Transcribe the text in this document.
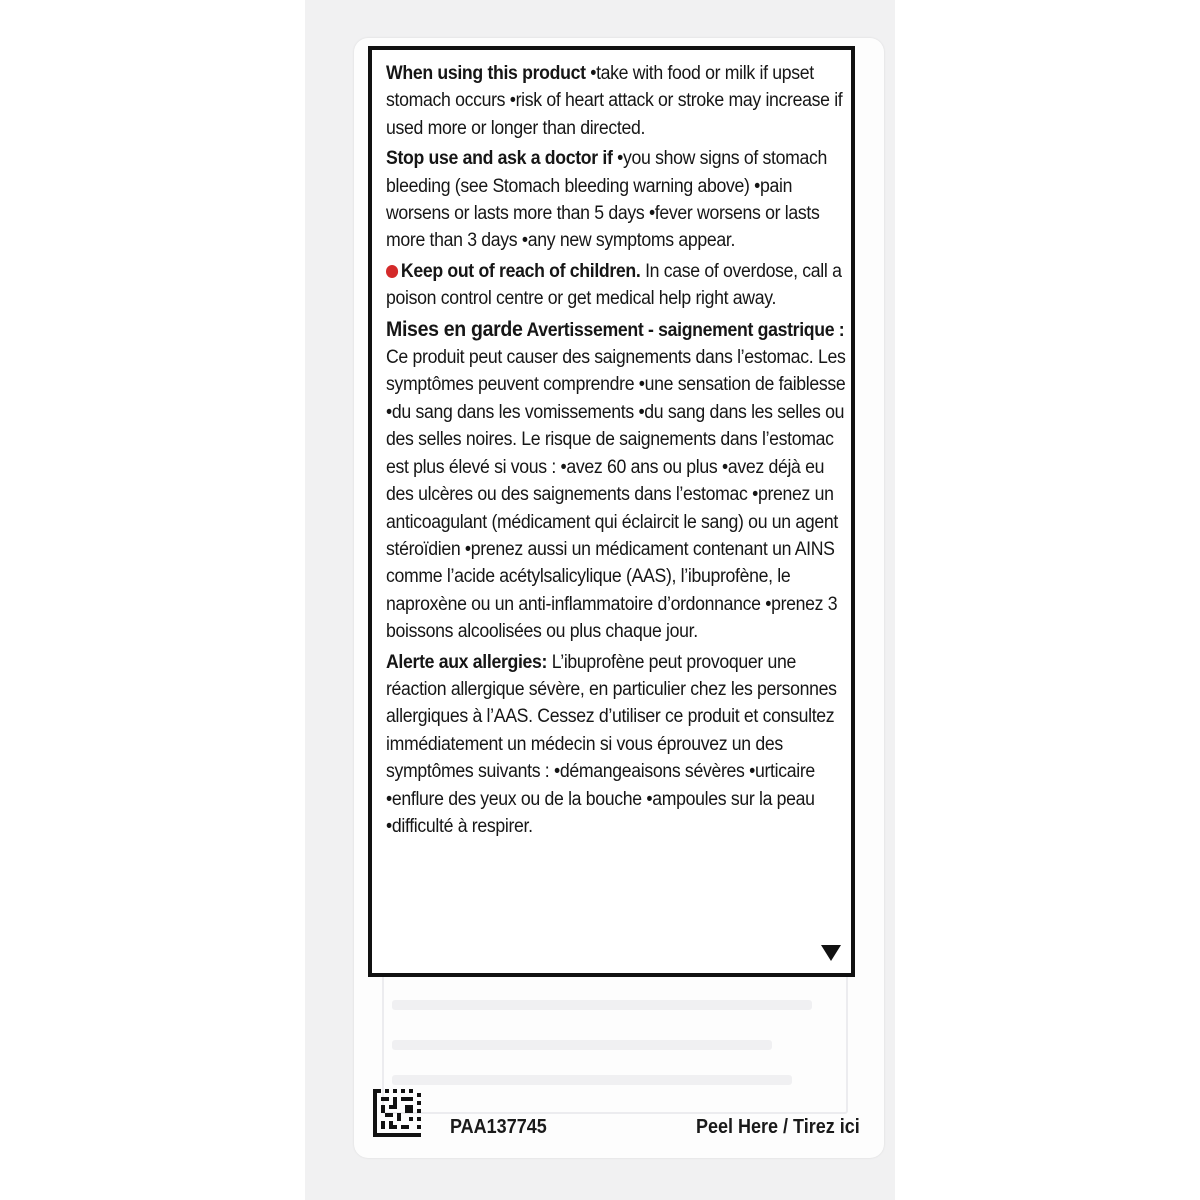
When using this product •take with food or milk if upset stomach occurs •risk of heart attack or stroke may increase if used more or longer than directed.

Stop use and ask a doctor if •you show signs of stomach bleeding (see Stomach bleeding warning above) •pain worsens or lasts more than 5 days •fever worsens or lasts more than 3 days •any new symptoms appear.

Keep out of reach of children. In case of overdose, call a poison control centre or get medical help right away.

Mises en garde Avertissement - saignement gastrique : Ce produit peut causer des saignements dans l’estomac. Les symptômes peuvent comprendre •une sensation de faiblesse •du sang dans les vomissements •du sang dans les selles ou des selles noires. Le risque de saignements dans l’estomac est plus élevé si vous : •avez 60 ans ou plus •avez déjà eu des ulcères ou des saignements dans l’estomac •prenez un anticoagulant (médicament qui éclaircit le sang) ou un agent stéroïdien •prenez aussi un médicament contenant un AINS comme l’acide acétylsalicylique (AAS), l’ibuprofène, le naproxène ou un anti-inflammatoire d’ordonnance •prenez 3 boissons alcoolisées ou plus chaque jour.

Alerte aux allergies: L’ibuprofène peut provoquer une réaction allergique sévère, en particulier chez les personnes allergiques à l’AAS. Cessez d’utiliser ce produit et consultez immédiatement un médecin si vous éprouvez un des symptômes suivants : •démangeaisons sévères •urticaire •enflure des yeux ou de la bouche •ampoules sur la peau •difficulté à respirer.

PAA137745	Peel Here / Tirez ici
